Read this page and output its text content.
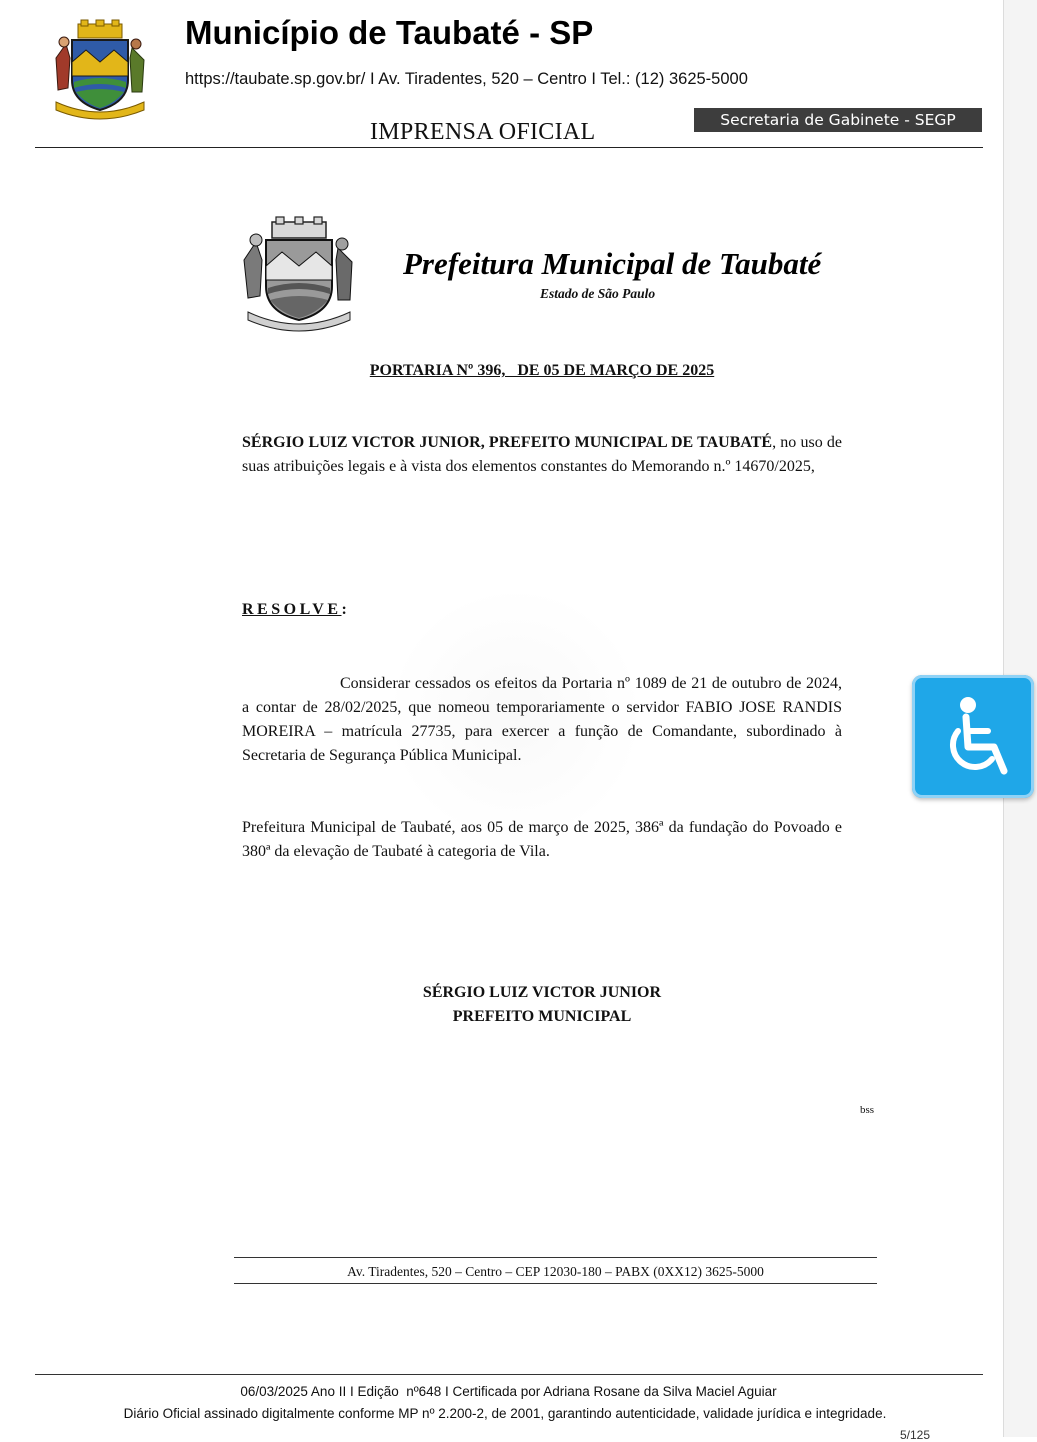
Município de Taubaté - SP
https://taubate.sp.gov.br/ I Av. Tiradentes, 520 – Centro I Tel.: (12) 3625-5000
IMPRENSA OFICIAL	Secretaria de Gabinete - SEGP
Prefeitura Municipal de Taubaté
Estado de São Paulo
PORTARIA Nº 396,   DE 05 DE MARÇO DE 2025
SÉRGIO LUIZ VICTOR JUNIOR, PREFEITO MUNICIPAL DE TAUBATÉ, no uso de suas atribuições legais e à vista dos elementos constantes do Memorando n.º 14670/2025,
RESOLVE:
Considerar cessados os efeitos da Portaria nº 1089 de 21 de outubro de 2024, a contar de 28/02/2025, que nomeou temporariamente o servidor FABIO JOSE RANDIS MOREIRA – matrícula 27735, para exercer a função de Comandante, subordinado à Secretaria de Segurança Pública Municipal.
Prefeitura Municipal de Taubaté, aos 05 de março de 2025, 386ª da fundação do Povoado e 380ª da elevação de Taubaté à categoria de Vila.
SÉRGIO LUIZ VICTOR JUNIOR
PREFEITO MUNICIPAL
bss
Av. Tiradentes, 520 – Centro – CEP 12030-180 – PABX (0XX12) 3625-5000
06/03/2025 Ano II I Edição  nº648 I Certificada por Adriana Rosane da Silva Maciel Aguiar
Diário Oficial assinado digitalmente conforme MP nº 2.200-2, de 2001, garantindo autenticidade, validade jurídica e integridade.
5/125
